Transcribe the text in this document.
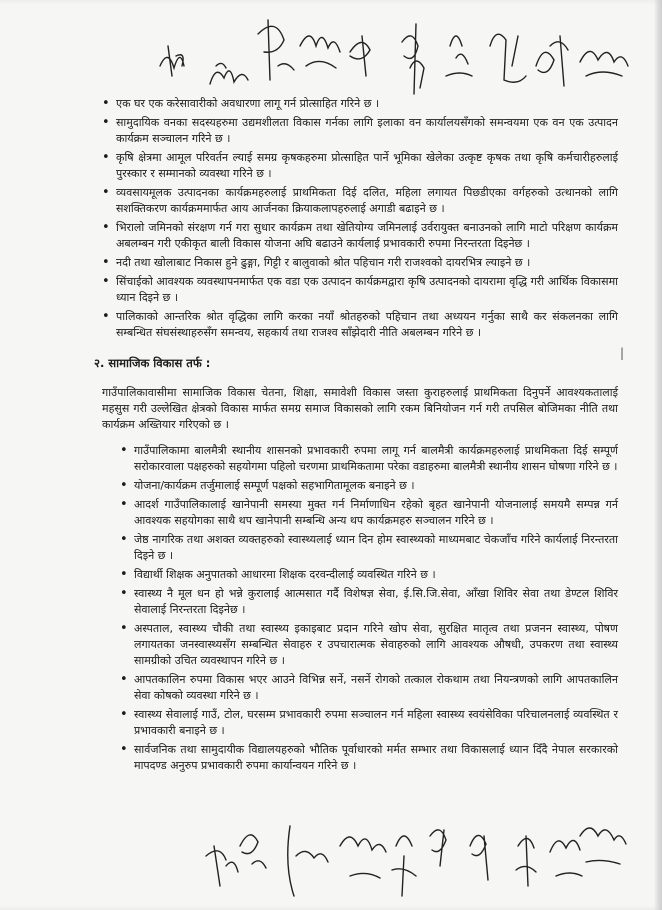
• एक घर एक करेसावारीको अवधारणा लागू गर्न प्रोत्साहित गरिने छ ।
• सामुदायिक वनका सदस्यहरुमा उद्यमशीलता विकास गर्नका लागि इलाका वन कार्यालयसँगको समन्वयमा एक वन एक उत्पादन कार्यक्रम सञ्चालन गरिने छ ।
• कृषि क्षेत्रमा आमूल परिवर्तन ल्याई समग्र कृषकहरुमा प्रोत्साहित पार्ने भूमिका खेलेका उत्कृष्ट कृषक तथा कृषि कर्मचारीहरुलाई पुरस्कार र सम्मानको व्यवस्था गरिने छ ।
• व्यवसायमूलक उत्पादनका कार्यक्रमहरुलाई प्राथमिकता दिई दलित, महिला लगायत पिछडीएका वर्गहरुको उत्थानको लागि सशक्तिकरण कार्यक्रममार्फत आय आर्जनका क्रियाकलापहरुलाई अगाडी बढाइने छ ।
• भिरालो जमिनको संरक्षण गर्न गरा सुधार कार्यक्रम तथा खेतियोग्य जमिनलाई उर्वरायुक्त बनाउनको लागि माटो परिक्षण कार्यक्रम अबलम्बन गरी एकीकृत बाली विकास योजना अघि बढाउने कार्यलाई प्रभावकारी रुपमा निरन्तरता दिइनेछ ।
• नदी तथा खोलाबाट निकास हुने ढुङ्गा, गिट्टी र बालुवाको श्रोत पहिचान गरी राजश्वको दायरभित्र ल्याइने छ ।
• सिंचाईको आवश्यक व्यवस्थापनमार्फत एक वडा एक उत्पादन कार्यक्रमद्वारा कृषि उत्पादनको दायरामा वृद्धि गरी आर्थिक विकासमा ध्यान दिइने छ ।
• पालिकाको आन्तरिक श्रोत वृद्धिका लागि करका नयाँ श्रोतहरुको पहिचान तथा अध्ययन गर्नुका साथै कर संकलनका लागि सम्बन्धित संघसंस्थाहरुसँग समन्वय, सहकार्य तथा राजश्व साँझेदारी नीति अबलम्बन गरिने छ ।
२. सामाजिक विकास तर्फ :

गाउँपालिकावासीमा सामाजिक विकास चेतना, शिक्षा, समावेशी विकास जस्ता कुराहरुलाई प्राथमिकता दिनुपर्ने आवश्यकतालाई महसुस गरी उल्लेखित क्षेत्रको विकास मार्फत समग्र समाज विकासको लागि रकम बिनियोजन गर्न गरी तपसिल बोजिमका नीति तथा कार्यक्रम अख्तियार गरिएको छ ।

• गाउँपालिकामा बालमैत्री स्थानीय शासनको प्रभावकारी रुपमा लागू गर्न बालमैत्री कार्यक्रमहरुलाई प्राथमिकता दिई सम्पूर्ण सरोकारवाला पक्षहरुको सहयोगमा पहिलो चरणमा प्राथमिकतामा परेका वडाहरुमा बालमैत्री स्थानीय शासन घोषणा गरिने छ ।
• योजना/कार्यक्रम तर्जुमालाई सम्पूर्ण पक्षको सहभागितामूलक बनाइने छ ।
• आदर्श गाउँपालिकालाई खानेपानी समस्या मुक्त गर्न निर्माणाधिन रहेको बृहत खानेपानी योजनालाई समयमै सम्पन्न गर्न आवश्यक सहयोगका साथै थप खानेपानी सम्बन्धि अन्य थप कार्यक्रमहरु सञ्चालन गरिने छ ।
• जेष्ठ नागरिक तथा अशक्त व्यक्तहरुको स्वास्थ्यलाई ध्यान दिन होम स्वास्थ्यको माध्यमबाट चेकजाँच गरिने कार्यलाई निरन्तरता दिइने छ ।
• विद्यार्थी शिक्षक अनुपातको आधारमा शिक्षक दरवन्दीलाई व्यवस्थित गरिने छ ।
• स्वास्थ्य नै मूल धन हो भन्ने कुरालाई आत्मसात गर्दै विशेषज्ञ सेवा, ई.सि.जि.सेवा, आँखा शिविर सेवा तथा डेण्टल शिविर सेवालाई निरन्तरता दिइनेछ ।
• अस्पताल, स्वास्थ्य चौकी तथा स्वास्थ्य इकाइबाट प्रदान गरिने खोप सेवा, सुरक्षित मातृत्व तथा प्रजनन स्वास्थ्य, पोषण लगायतका जनस्वास्थ्यसँग सम्बन्धित सेवाहरु र उपचारात्मक सेवाहरुको लागि आवश्यक औषधी, उपकरण तथा स्वास्थ्य सामग्रीको उचित व्यवस्थापन गरिने छ ।
• आपतकालिन रुपमा विकास भएर आउने विभिन्न सर्ने, नसर्ने रोगको तत्काल रोकथाम तथा नियन्त्रणको लागि आपतकालिन सेवा कोषको व्यवस्था गरिने छ ।
• स्वास्थ्य सेवालाई गाउँ, टोल, घरसम्म प्रभावकारी रुपमा सञ्चालन गर्न महिला स्वास्थ्य स्वयंसेविका परिचालनलाई व्यवस्थित र प्रभावकारी बनाइने छ ।
• सार्वजनिक तथा सामुदायीक विद्यालयहरुको भौतिक पूर्वाधारको मर्मत सम्भार तथा विकासलाई ध्यान दिँदै नेपाल सरकारको मापदण्ड अनुरुप प्रभावकारी रुपमा कार्यान्वयन गरिने छ ।
|
